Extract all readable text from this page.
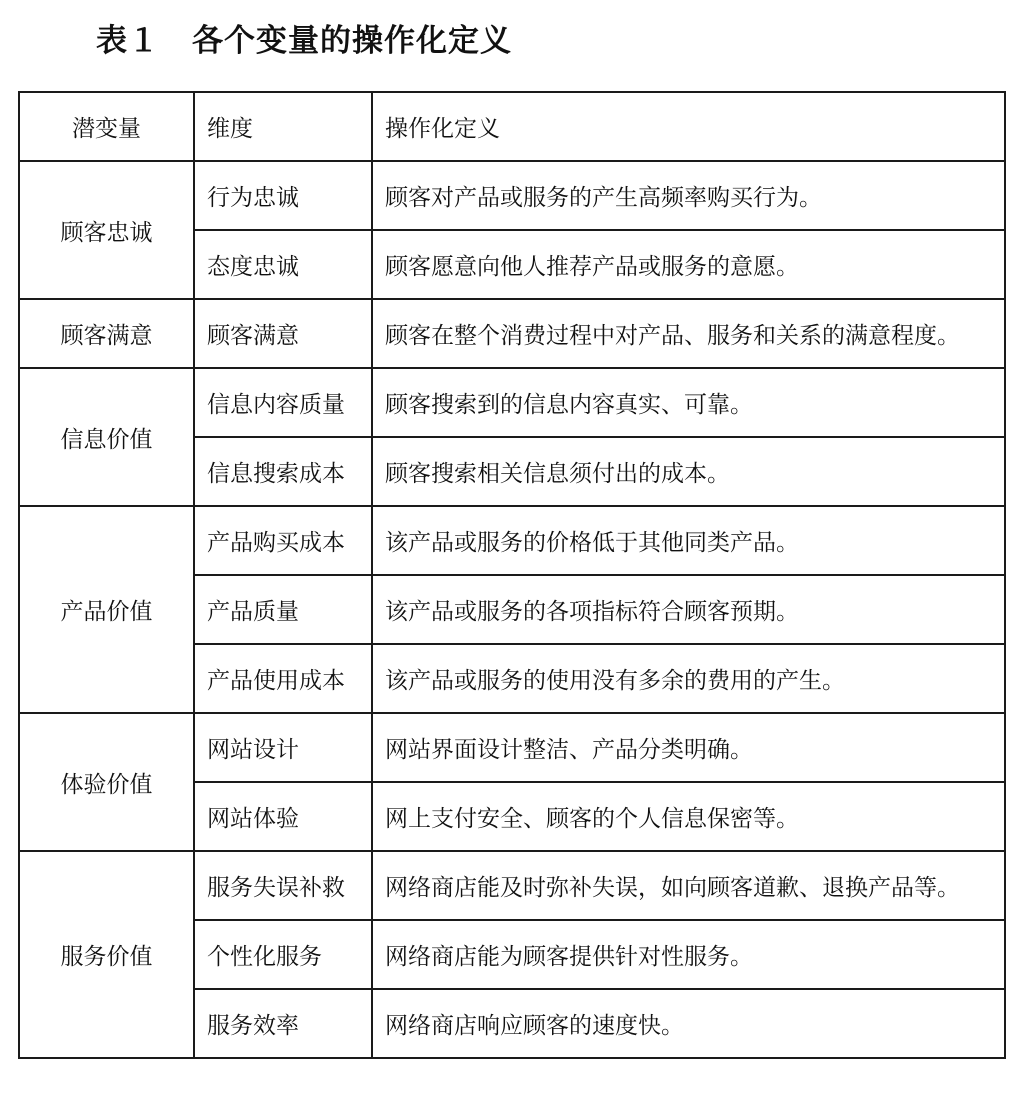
表１　各个变量的操作化定义
潜变量	维度	操作化定义
顾客忠诚	行为忠诚	顾客对产品或服务的产生高频率购买行为。
	态度忠诚	顾客愿意向他人推荐产品或服务的意愿。
顾客满意	顾客满意	顾客在整个消费过程中对产品、服务和关系的满意程度。
信息价值	信息内容质量	顾客搜索到的信息内容真实、可靠。
	信息搜索成本	顾客搜索相关信息须付出的成本。
产品价值	产品购买成本	该产品或服务的价格低于其他同类产品。
	产品质量	该产品或服务的各项指标符合顾客预期。
	产品使用成本	该产品或服务的使用没有多余的费用的产生。
体验价值	网站设计	网站界面设计整洁、产品分类明确。
	网站体验	网上支付安全、顾客的个人信息保密等。
服务价值	服务失误补救	网络商店能及时弥补失误，如向顾客道歉、退换产品等。
	个性化服务	网络商店能为顾客提供针对性服务。
	服务效率	网络商店响应顾客的速度快。
